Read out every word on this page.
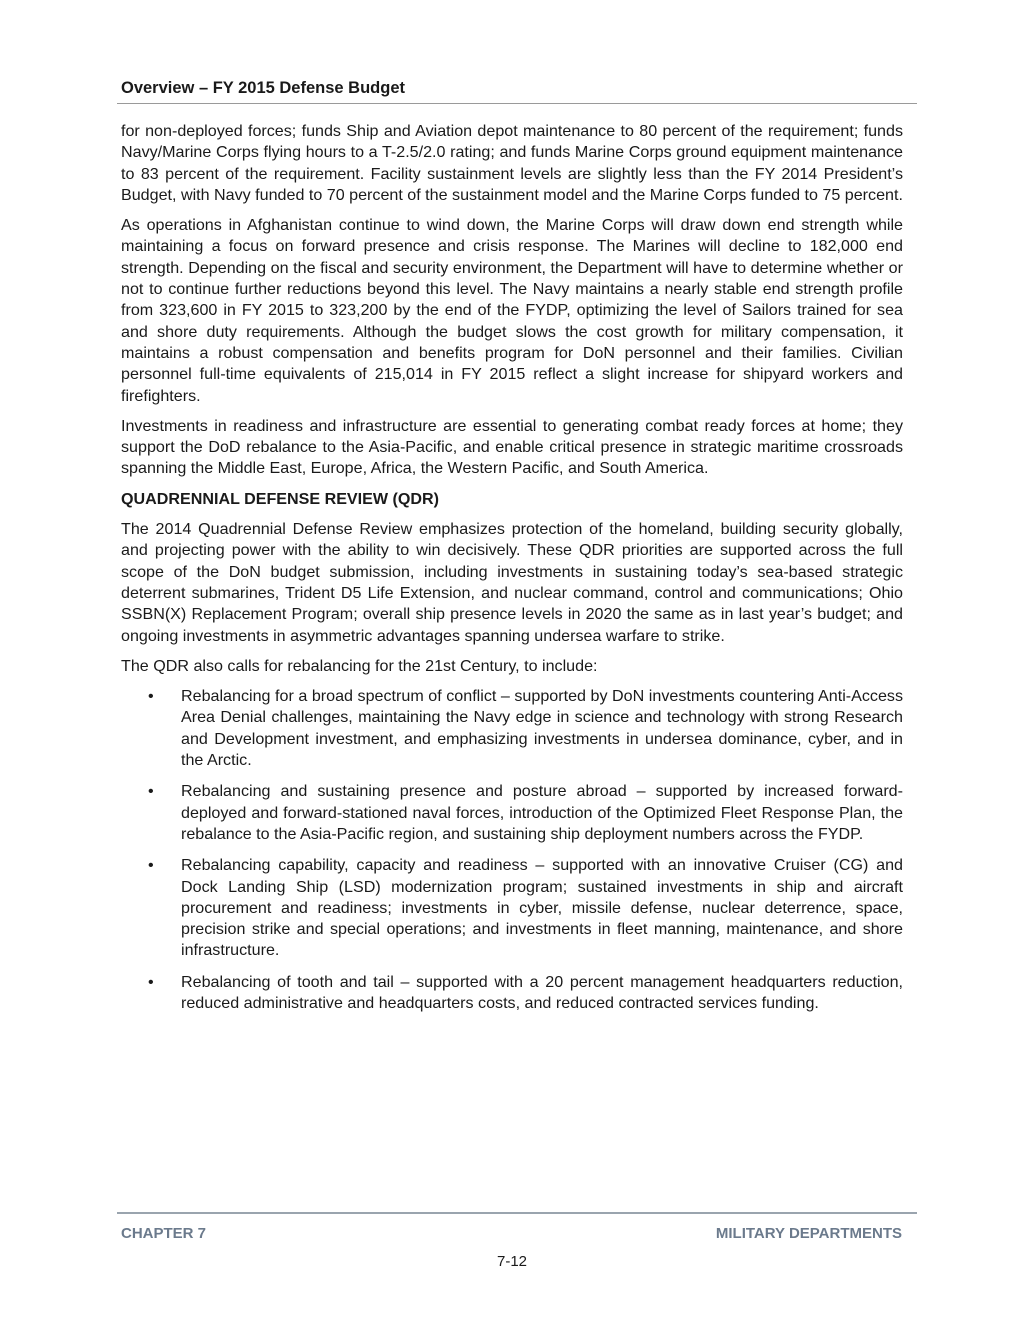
Overview – FY 2015 Defense Budget

for non-deployed forces; funds Ship and Aviation depot maintenance to 80 percent of the requirement; funds Navy/Marine Corps flying hours to a T-2.5/2.0 rating; and funds Marine Corps ground equipment maintenance to 83 percent of the requirement. Facility sustainment levels are slightly less than the FY 2014 President’s Budget, with Navy funded to 70 percent of the sustainment model and the Marine Corps funded to 75 percent.

As operations in Afghanistan continue to wind down, the Marine Corps will draw down end strength while maintaining a focus on forward presence and crisis response. The Marines will decline to 182,000 end strength. Depending on the fiscal and security environment, the Department will have to determine whether or not to continue further reductions beyond this level. The Navy maintains a nearly stable end strength profile from 323,600 in FY 2015 to 323,200 by the end of the FYDP, optimizing the level of Sailors trained for sea and shore duty requirements. Although the budget slows the cost growth for military compensation, it maintains a robust compensation and benefits program for DoN personnel and their families. Civilian personnel full-time equivalents of 215,014 in FY 2015 reflect a slight increase for shipyard workers and firefighters.

Investments in readiness and infrastructure are essential to generating combat ready forces at home; they support the DoD rebalance to the Asia-Pacific, and enable critical presence in strategic maritime crossroads spanning the Middle East, Europe, Africa, the Western Pacific, and South America.

QUADRENNIAL DEFENSE REVIEW (QDR)

The 2014 Quadrennial Defense Review emphasizes protection of the homeland, building security globally, and projecting power with the ability to win decisively. These QDR priorities are supported across the full scope of the DoN budget submission, including investments in sustaining today’s sea-based strategic deterrent submarines, Trident D5 Life Extension, and nuclear command, control and communications; Ohio SSBN(X) Replacement Program; overall ship presence levels in 2020 the same as in last year’s budget; and ongoing investments in asymmetric advantages spanning undersea warfare to strike.

The QDR also calls for rebalancing for the 21st Century, to include:

• Rebalancing for a broad spectrum of conflict – supported by DoN investments countering Anti-Access Area Denial challenges, maintaining the Navy edge in science and technology with strong Research and Development investment, and emphasizing investments in undersea dominance, cyber, and in the Arctic.
• Rebalancing and sustaining presence and posture abroad – supported by increased forward-deployed and forward-stationed naval forces, introduction of the Optimized Fleet Response Plan, the rebalance to the Asia-Pacific region, and sustaining ship deployment numbers across the FYDP.
• Rebalancing capability, capacity and readiness – supported with an innovative Cruiser (CG) and Dock Landing Ship (LSD) modernization program; sustained investments in ship and aircraft procurement and readiness; investments in cyber, missile defense, nuclear deterrence, space, precision strike and special operations; and investments in fleet manning, maintenance, and shore infrastructure.
• Rebalancing of tooth and tail – supported with a 20 percent management headquarters reduction, reduced administrative and headquarters costs, and reduced contracted services funding.
CHAPTER 7	MILITARY DEPARTMENTS
7-12
